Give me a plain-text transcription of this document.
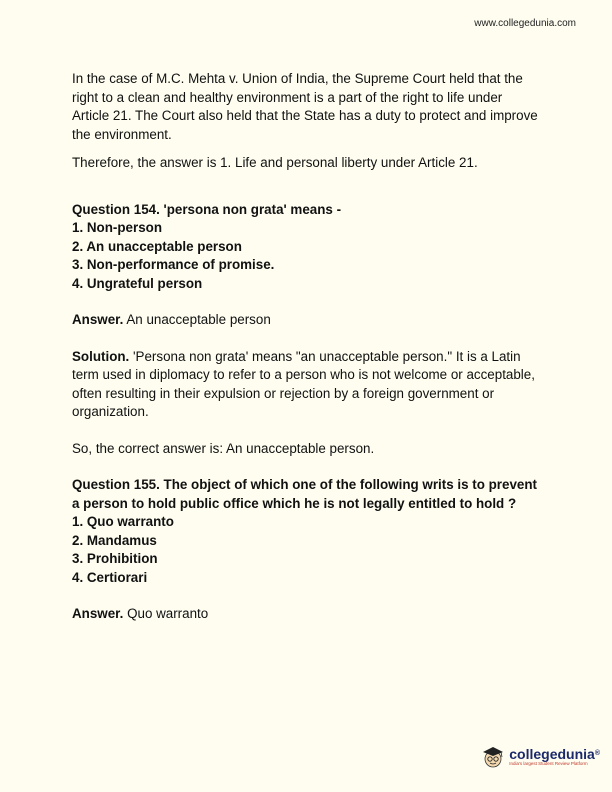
www.collegedunia.com

In the case of M.C. Mehta v. Union of India, the Supreme Court held that the right to a clean and healthy environment is a part of the right to life under Article 21. The Court also held that the State has a duty to protect and improve the environment.

Therefore, the answer is 1. Life and personal liberty under Article 21.

Question 154. 'persona non grata' means -

1. Non-person

2. An unacceptable person

3. Non-performance of promise.

4. Ungrateful person

Answer. An unacceptable person

Solution. 'Persona non grata' means "an unacceptable person." It is a Latin term used in diplomacy to refer to a person who is not welcome or acceptable, often resulting in their expulsion or rejection by a foreign government or organization.

So, the correct answer is: An unacceptable person.

Question 155. The object of which one of the following writs is to prevent a person to hold public office which he is not legally entitled to hold ?

1. Quo warranto

2. Mandamus

3. Prohibition

4. Certiorari

Answer. Quo warranto

collegedunia®
India's largest Student Review Platform
